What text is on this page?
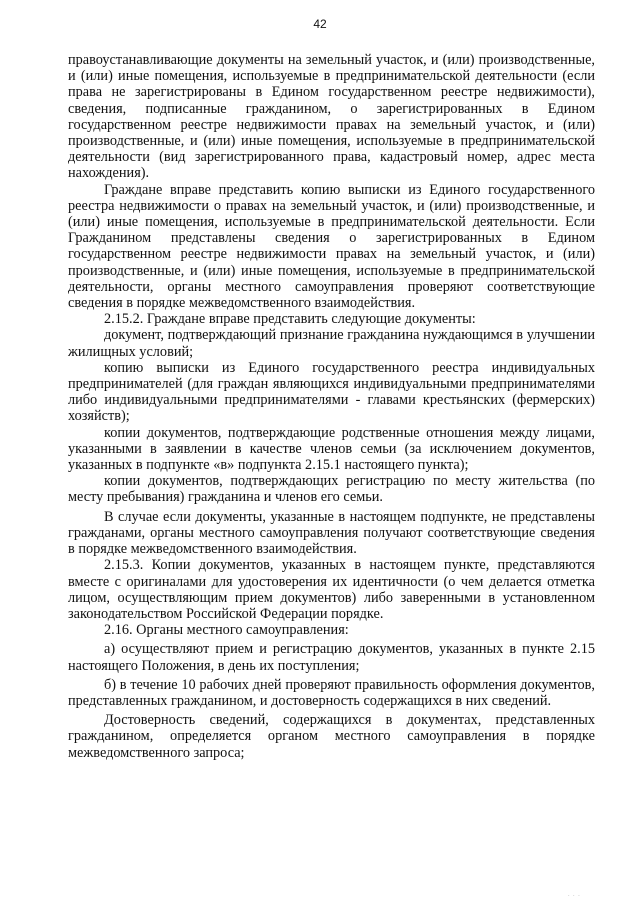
42

правоустанавливающие документы на земельный участок, и (или) производственные, и (или) иные помещения, используемые в предпринимательской деятельности (если права не зарегистрированы в Едином государственном реестре недвижимости), сведения, подписанные гражданином, о зарегистрированных в Едином государственном реестре недвижимости правах на земельный участок, и (или) производственные, и (или) иные помещения, используемые в предпринимательской деятельности (вид зарегистрированного права, кадастровый номер, адрес места нахождения).

Граждане вправе представить копию выписки из Единого государственного реестра недвижимости о правах на земельный участок, и (или) производственные, и (или) иные помещения, используемые в предпринимательской деятельности. Если Гражданином представлены сведения о зарегистрированных в Едином государственном реестре недвижимости правах на земельный участок, и (или) производственные, и (или) иные помещения, используемые в предпринимательской деятельности, органы местного самоуправления проверяют соответствующие сведения в порядке межведомственного взаимодействия.

2.15.2. Граждане вправе представить следующие документы:

документ, подтверждающий признание гражданина нуждающимся в улучшении жилищных условий;

копию выписки из Единого государственного реестра индивидуальных предпринимателей (для граждан являющихся индивидуальными предпринимателями либо индивидуальными предпринимателями - главами крестьянских (фермерских) хозяйств);

копии документов, подтверждающие родственные отношения между лицами, указанными в заявлении в качестве членов семьи (за исключением документов, указанных в подпункте «в» подпункта 2.15.1 настоящего пункта);

копии документов, подтверждающих регистрацию по месту жительства (по месту пребывания) гражданина и членов его семьи.

В случае если документы, указанные в настоящем подпункте, не представлены гражданами, органы местного самоуправления получают соответствующие сведения в порядке межведомственного взаимодействия.

2.15.3. Копии документов, указанных в настоящем пункте, представляются вместе с оригиналами для удостоверения их идентичности (о чем делается отметка лицом, осуществляющим прием документов) либо заверенными в установленном законодательством Российской Федерации порядке.

2.16. Органы местного самоуправления:

а) осуществляют прием и регистрацию документов, указанных в пункте 2.15 настоящего Положения, в день их поступления;

б) в течение 10 рабочих дней проверяют правильность оформления документов, представленных гражданином, и достоверность содержащихся в них сведений.

Достоверность сведений, содержащихся в документах, представленных гражданином, определяется органом местного самоуправления в порядке межведомственного запроса;

· · ·
